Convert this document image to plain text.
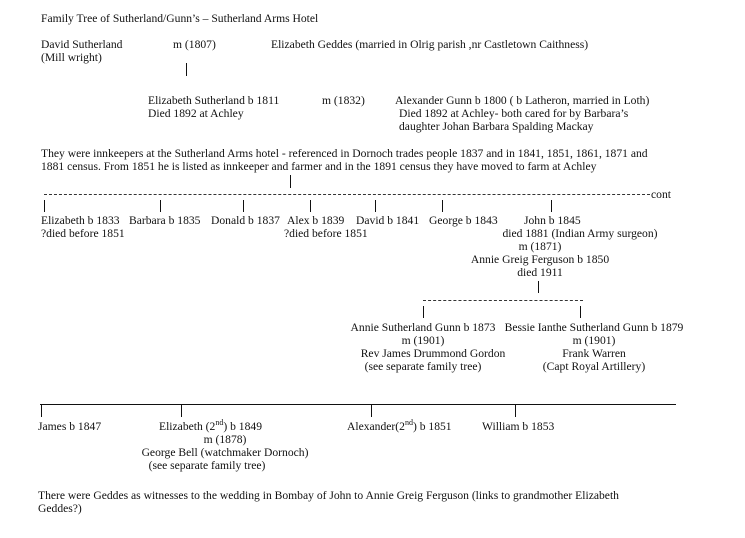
Family Tree of Sutherland/Gunn’s – Sutherland Arms Hotel
David Sutherland
(Mill wright)
m (1807)	Elizabeth Geddes (married in Olrig parish ,nr Castletown Caithness)
Elizabeth Sutherland b 1811
Died 1892 at Achley
m (1832)	Alexander Gunn b 1800 ( b Latheron, married in Loth)
Died 1892 at Achley- both cared for by Barbara’s
daughter Johan Barbara Spalding Mackay
They were innkeepers at the Sutherland Arms hotel - referenced in Dornoch trades people 1837 and in 1841, 1851, 1861, 1871 and
1881 census. From 1851 he is listed as innkeeper and farmer and in the 1891 census they have moved to farm at Achley
cont
Elizabeth b 1833
?died before 1851
Barbara b 1835 Donald b 1837 Alex b 1839
?died before 1851
David b 1841 George b 1843 John b 1845
died 1881 (Indian Army surgeon)
m (1871)
Annie Greig Ferguson b 1850
died 1911
Annie Sutherland Gunn b 1873
m (1901)
Rev James Drummond Gordon
(see separate family tree)
Bessie Ianthe Sutherland Gunn b 1879
m (1901)
Frank Warren
(Capt Royal Artillery)
James b 1847	Elizabeth (2nd) b 1849
m (1878)
George Bell (watchmaker Dornoch)
(see separate family tree)
Alexander(2nd) b 1851	William b 1853
There were Geddes as witnesses to the wedding in Bombay of John to Annie Greig Ferguson (links to grandmother Elizabeth
Geddes?)
